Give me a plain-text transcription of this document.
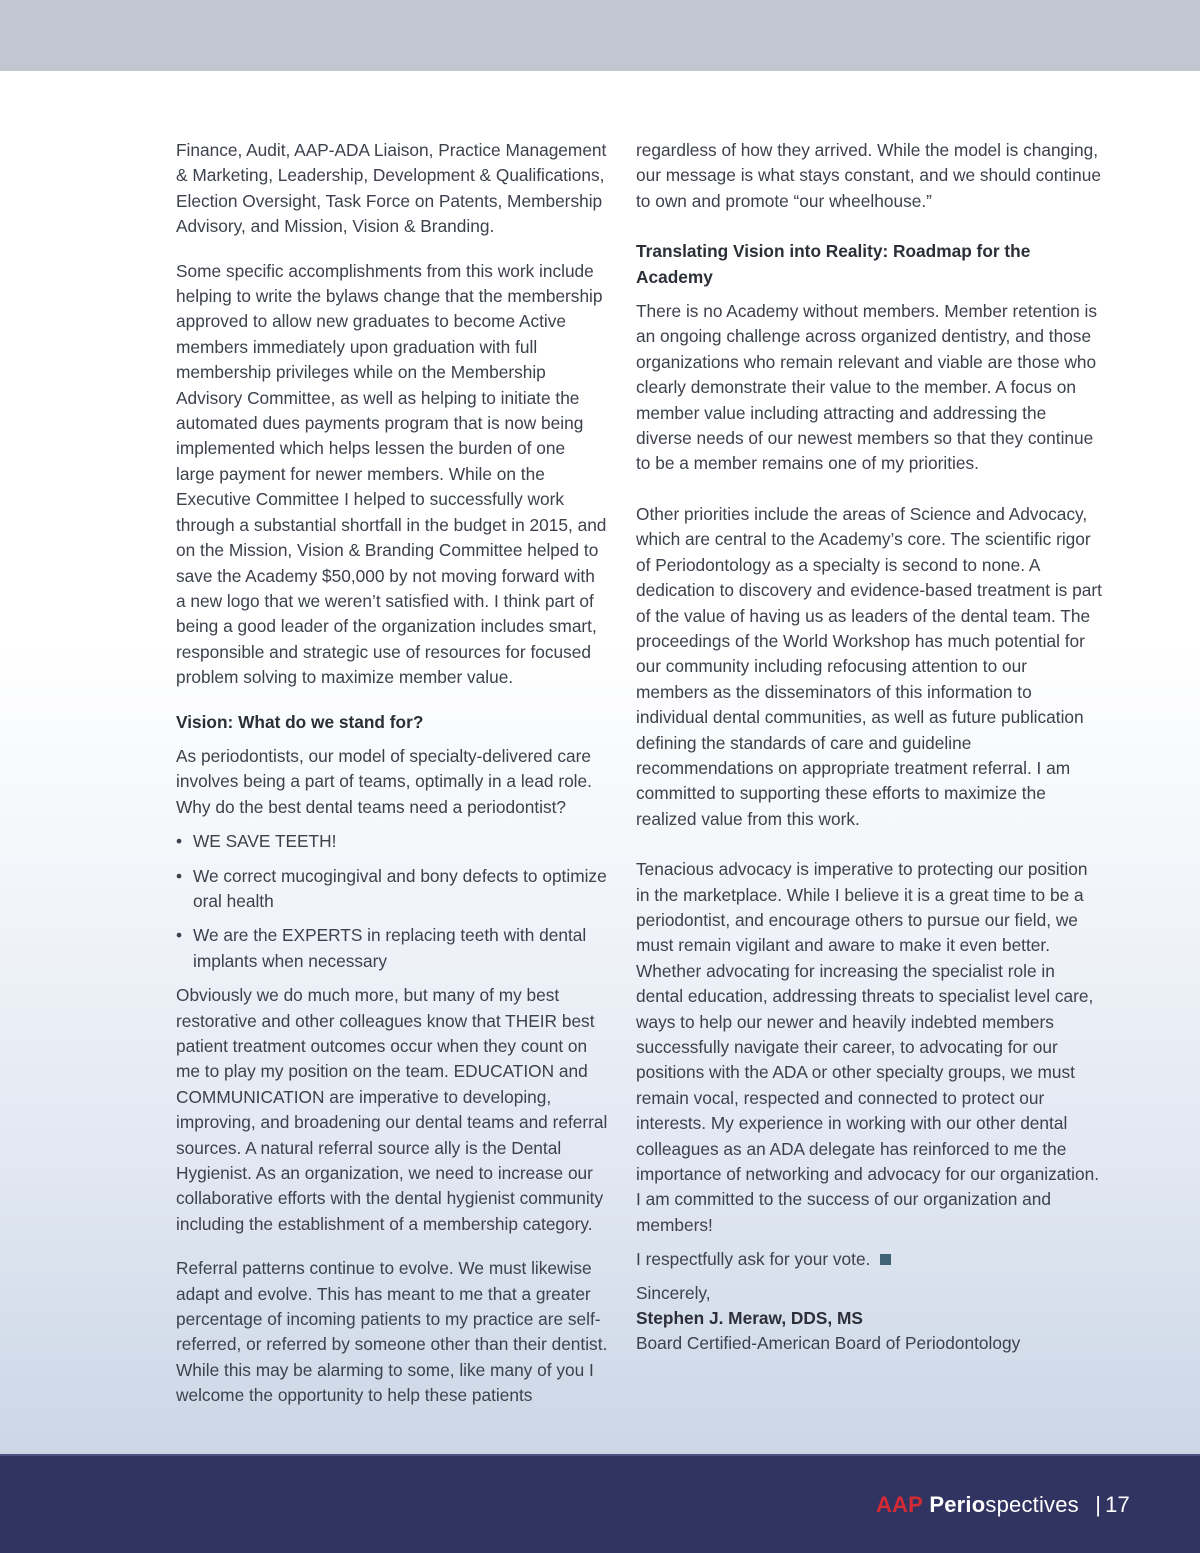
Finance, Audit, AAP-ADA Liaison, Practice Management & Marketing, Leadership, Development & Qualifications, Election Oversight, Task Force on Patents, Membership Advisory, and Mission, Vision & Branding.

Some specific accomplishments from this work include helping to write the bylaws change that the membership approved to allow new graduates to become Active members immediately upon graduation with full membership privileges while on the Membership Advisory Committee, as well as helping to initiate the automated dues payments program that is now being implemented which helps lessen the burden of one large payment for newer members. While on the Executive Committee I helped to successfully work through a substantial shortfall in the budget in 2015, and on the Mission, Vision & Branding Committee helped to save the Academy $50,000 by not moving forward with a new logo that we weren’t satisfied with. I think part of being a good leader of the organization includes smart, responsible and strategic use of resources for focused problem solving to maximize member value.

Vision: What do we stand for?

As periodontists, our model of specialty-delivered care involves being a part of teams, optimally in a lead role. Why do the best dental teams need a periodontist?

• WE SAVE TEETH!
• We correct mucogingival and bony defects to optimize oral health
• We are the EXPERTS in replacing teeth with dental implants when necessary

Obviously we do much more, but many of my best restorative and other colleagues know that THEIR best patient treatment outcomes occur when they count on me to play my position on the team. EDUCATION and COMMUNICATION are imperative to developing, improving, and broadening our dental teams and referral sources. A natural referral source ally is the Dental Hygienist. As an organization, we need to increase our collaborative efforts with the dental hygienist community including the establishment of a membership category.

Referral patterns continue to evolve. We must likewise adapt and evolve. This has meant to me that a greater percentage of incoming patients to my practice are self-referred, or referred by someone other than their dentist. While this may be alarming to some, like many of you I welcome the opportunity to help these patients

regardless of how they arrived. While the model is changing, our message is what stays constant, and we should continue to own and promote “our wheelhouse.”

Translating Vision into Reality: Roadmap for the Academy

There is no Academy without members. Member retention is an ongoing challenge across organized dentistry, and those organizations who remain relevant and viable are those who clearly demonstrate their value to the member. A focus on member value including attracting and addressing the diverse needs of our newest members so that they continue to be a member remains one of my priorities.

Other priorities include the areas of Science and Advocacy, which are central to the Academy’s core. The scientific rigor of Periodontology as a specialty is second to none. A dedication to discovery and evidence-based treatment is part of the value of having us as leaders of the dental team. The proceedings of the World Workshop has much potential for our community including refocusing attention to our members as the disseminators of this information to individual dental communities, as well as future publication defining the standards of care and guideline recommendations on appropriate treatment referral. I am committed to supporting these efforts to maximize the realized value from this work.

Tenacious advocacy is imperative to protecting our position in the marketplace. While I believe it is a great time to be a periodontist, and encourage others to pursue our field, we must remain vigilant and aware to make it even better. Whether advocating for increasing the specialist role in dental education, addressing threats to specialist level care, ways to help our newer and heavily indebted members successfully navigate their career, to advocating for our positions with the ADA or other specialty groups, we must remain vocal, respected and connected to protect our interests. My experience in working with our other dental colleagues as an ADA delegate has reinforced to me the importance of networking and advocacy for our organization. I am committed to the success of our organization and members!

I respectfully ask for your vote.

Sincerely,

Stephen J. Meraw, DDS, MS

Board Certified-American Board of Periodontology

AAP Periospectives | 17
